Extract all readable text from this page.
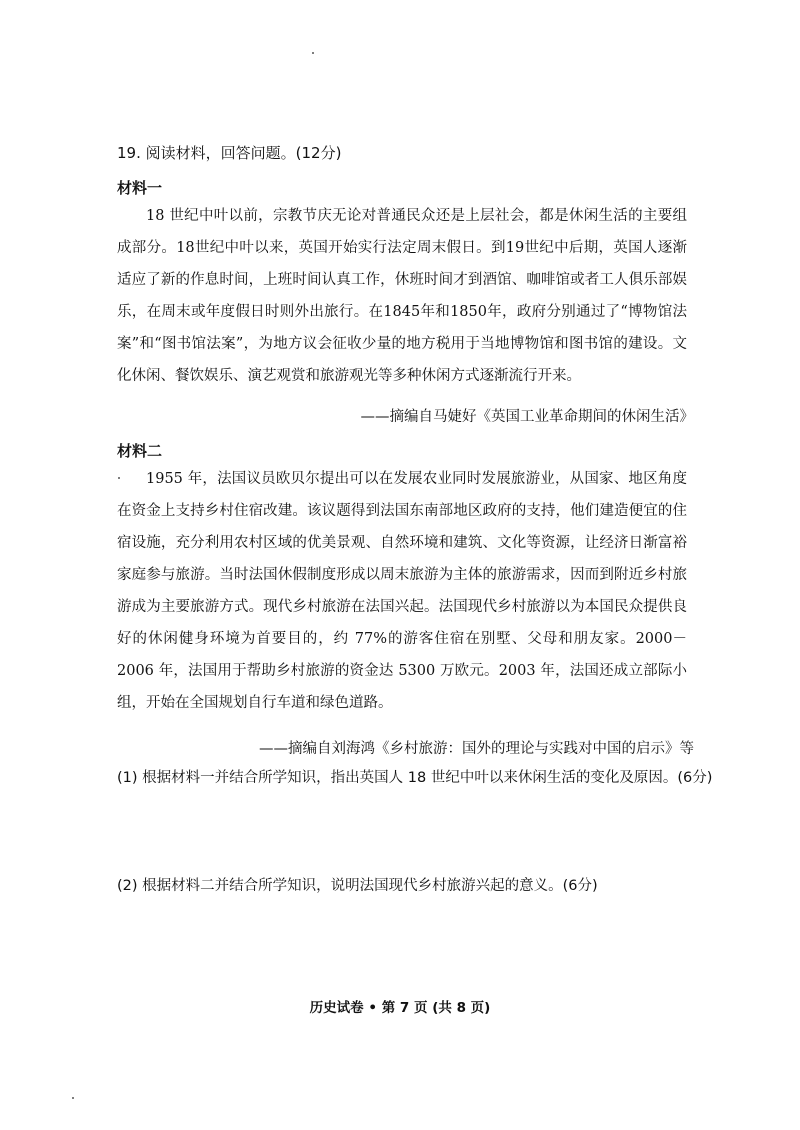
19. 阅读材料，回答问题。(12分)
材料一

18 世纪中叶以前，宗教节庆无论对普通民众还是上层社会，都是休闲生活的主要组成部分。18世纪中叶以来，英国开始实行法定周末假日。到19世纪中后期，英国人逐渐适应了新的作息时间，上班时间认真工作，休班时间才到酒馆、咖啡馆或者工人俱乐部娱乐，在周末或年度假日时则外出旅行。在1845年和1850年，政府分别通过了“博物馆法案”和“图书馆法案”，为地方议会征收少量的地方税用于当地博物馆和图书馆的建设。文化休闲、餐饮娱乐、演艺观赏和旅游观光等多种休闲方式逐渐流行开来。

——摘编自马婕好《英国工业革命期间的休闲生活》
材料二

1955 年，法国议员欧贝尔提出可以在发展农业同时发展旅游业，从国家、地区角度在资金上支持乡村住宿改建。该议题得到法国东南部地区政府的支持，他们建造便宜的住宿设施，充分利用农村区域的优美景观、自然环境和建筑、文化等资源，让经济日渐富裕家庭参与旅游。当时法国休假制度形成以周末旅游为主体的旅游需求，因而到附近乡村旅游成为主要旅游方式。现代乡村旅游在法国兴起。法国现代乡村旅游以为本国民众提供良好的休闲健身环境为首要目的，约 77%的游客住宿在别墅、父母和朋友家。2000－2006 年，法国用于帮助乡村旅游的资金达 5300 万欧元。2003 年，法国还成立部际小组，开始在全国规划自行车道和绿色道路。

——摘编自刘海鸿《乡村旅游：国外的理论与实践对中国的启示》等
(1) 根据材料一并结合所学知识，指出英国人 18 世纪中叶以来休闲生活的变化及原因。(6分)
(2) 根据材料二并结合所学知识，说明法国现代乡村旅游兴起的意义。(6分)
历史试卷 • 第 7 页 (共 8 页)
